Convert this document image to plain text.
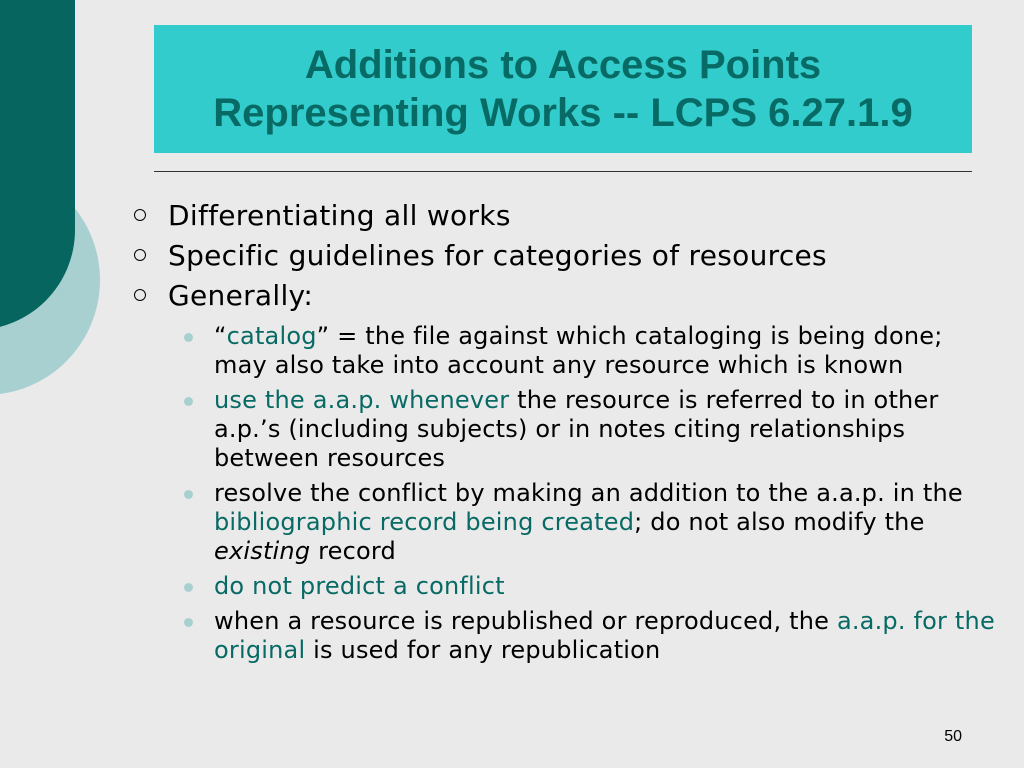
Additions to Access Points
Representing Works -- LCPS 6.27.1.9
Differentiating all works
Specific guidelines for categories of resources
Generally:
“catalog” = the file against which cataloging is being done; may also take into account any resource which is known
use the a.a.p. whenever the resource is referred to in other a.p.’s (including subjects) or in notes citing relationships between resources
resolve the conflict by making an addition to the a.a.p. in the bibliographic record being created; do not also modify the existing record
do not predict a conflict
when a resource is republished or reproduced, the a.a.p. for the original is used for any republication
50
